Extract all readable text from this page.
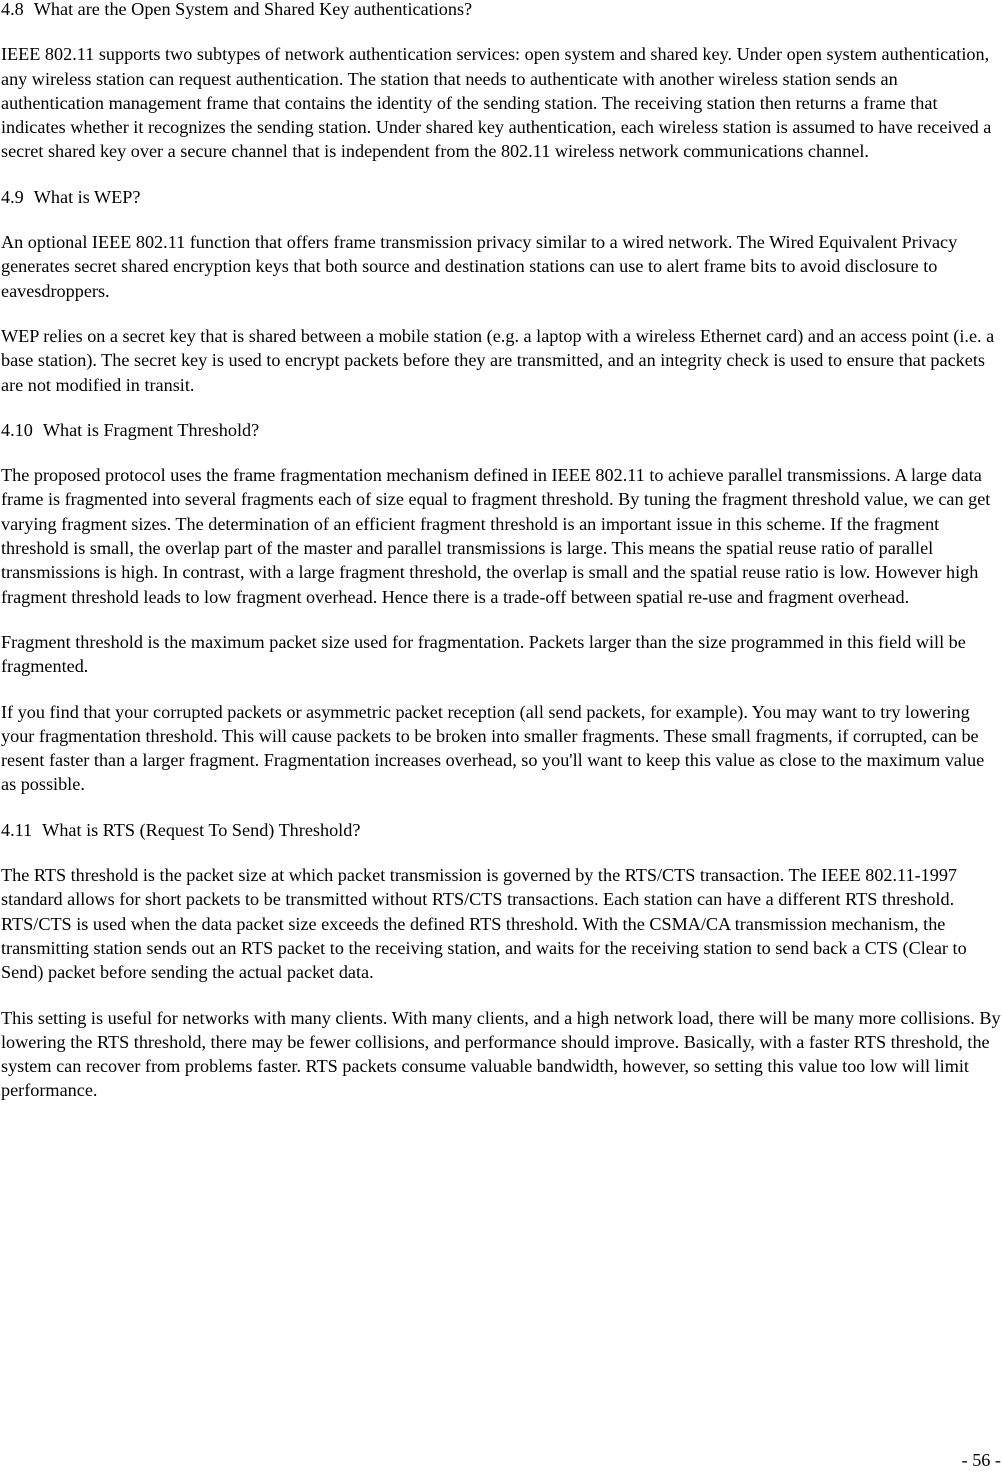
4.8 What are the Open System and Shared Key authentications?

IEEE 802.11 supports two subtypes of network authentication services: open system and shared key. Under open system authentication, any wireless station can request authentication. The station that needs to authenticate with another wireless station sends an authentication management frame that contains the identity of the sending station. The receiving station then returns a frame that indicates whether it recognizes the sending station. Under shared key authentication, each wireless station is assumed to have received a secret shared key over a secure channel that is independent from the 802.11 wireless network communications channel.

4.9 What is WEP?

An optional IEEE 802.11 function that offers frame transmission privacy similar to a wired network. The Wired Equivalent Privacy generates secret shared encryption keys that both source and destination stations can use to alert frame bits to avoid disclosure to eavesdroppers.

WEP relies on a secret key that is shared between a mobile station (e.g. a laptop with a wireless Ethernet card) and an access point (i.e. a base station). The secret key is used to encrypt packets before they are transmitted, and an integrity check is used to ensure that packets are not modified in transit.

4.10 What is Fragment Threshold?

The proposed protocol uses the frame fragmentation mechanism defined in IEEE 802.11 to achieve parallel transmissions. A large data frame is fragmented into several fragments each of size equal to fragment threshold. By tuning the fragment threshold value, we can get varying fragment sizes. The determination of an efficient fragment threshold is an important issue in this scheme. If the fragment threshold is small, the overlap part of the master and parallel transmissions is large. This means the spatial reuse ratio of parallel transmissions is high. In contrast, with a large fragment threshold, the overlap is small and the spatial reuse ratio is low. However high fragment threshold leads to low fragment overhead. Hence there is a trade-off between spatial re-use and fragment overhead.

Fragment threshold is the maximum packet size used for fragmentation. Packets larger than the size programmed in this field will be fragmented.

If you find that your corrupted packets or asymmetric packet reception (all send packets, for example). You may want to try lowering your fragmentation threshold. This will cause packets to be broken into smaller fragments. These small fragments, if corrupted, can be resent faster than a larger fragment. Fragmentation increases overhead, so you'll want to keep this value as close to the maximum value as possible.

4.11 What is RTS (Request To Send) Threshold?

The RTS threshold is the packet size at which packet transmission is governed by the RTS/CTS transaction. The IEEE 802.11-1997 standard allows for short packets to be transmitted without RTS/CTS transactions. Each station can have a different RTS threshold. RTS/CTS is used when the data packet size exceeds the defined RTS threshold. With the CSMA/CA transmission mechanism, the transmitting station sends out an RTS packet to the receiving station, and waits for the receiving station to send back a CTS (Clear to Send) packet before sending the actual packet data.

This setting is useful for networks with many clients. With many clients, and a high network load, there will be many more collisions. By lowering the RTS threshold, there may be fewer collisions, and performance should improve. Basically, with a faster RTS threshold, the system can recover from problems faster. RTS packets consume valuable bandwidth, however, so setting this value too low will limit performance.

- 56 -
